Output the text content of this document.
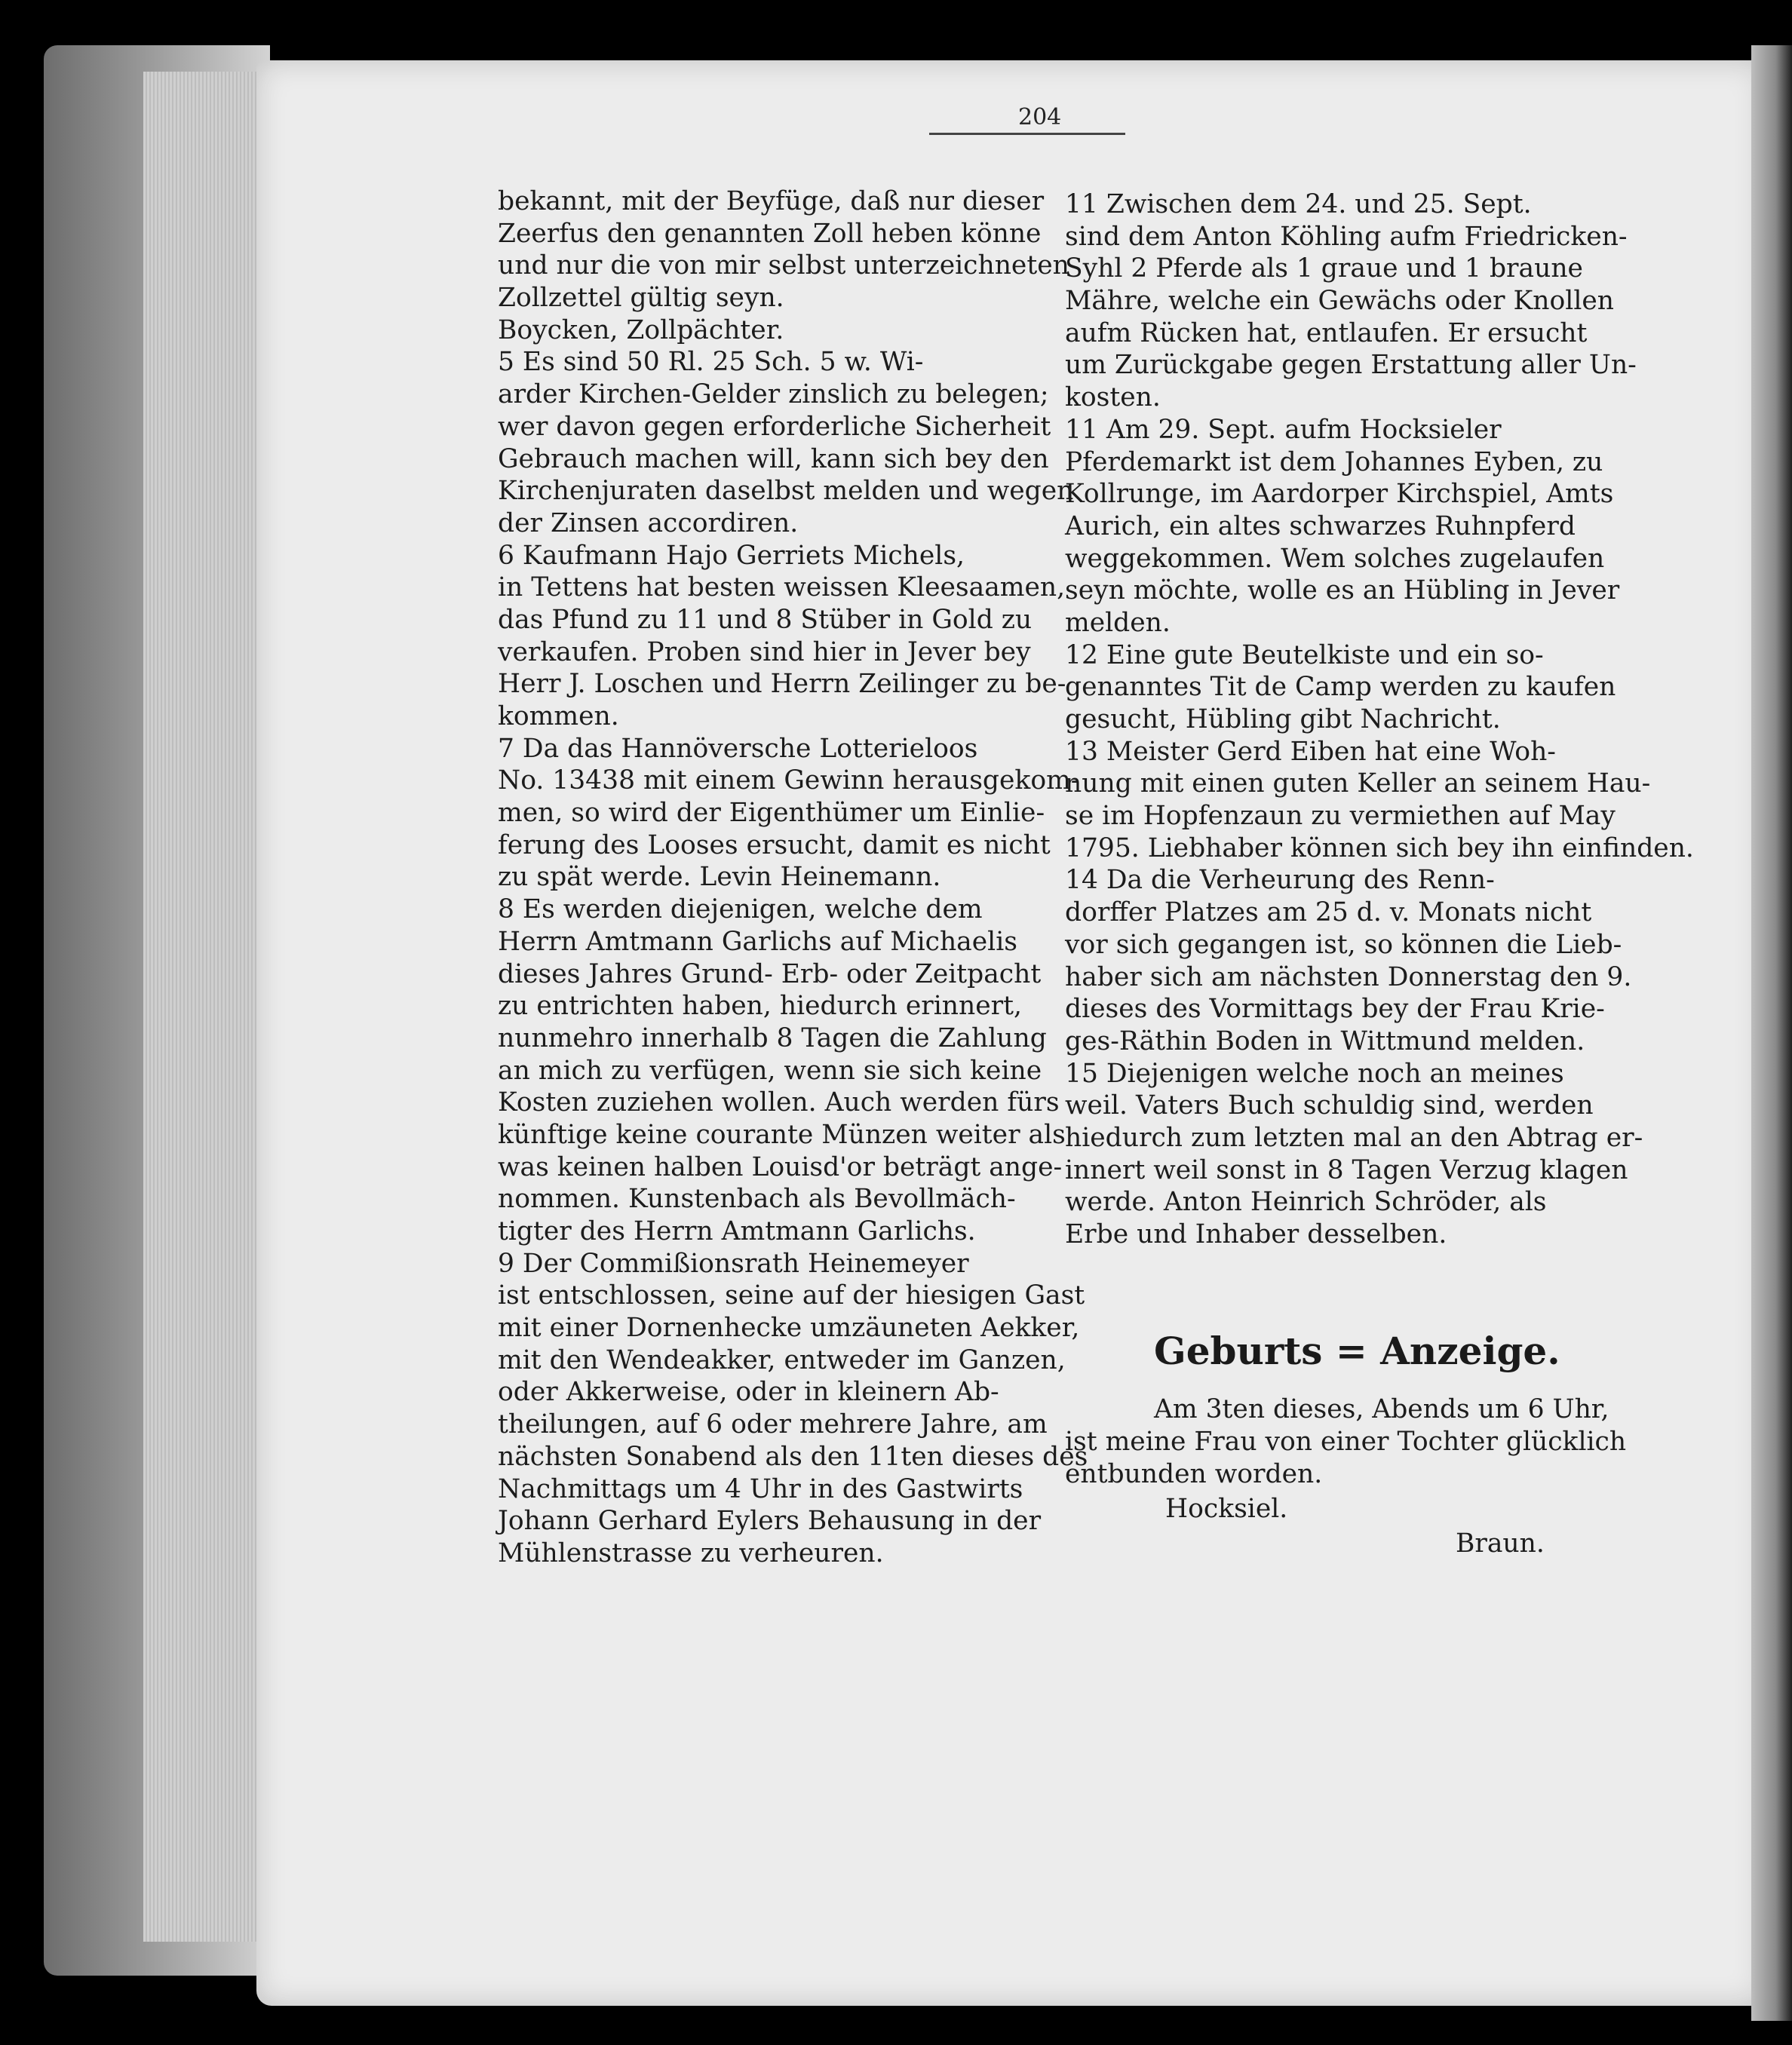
204
bekannt, mit der Beyfüge, daß nur dieser
Zeerfus den genannten Zoll heben könne
und nur die von mir selbst unterzeichneten
Zollzettel gültig seyn.
Boycken, Zollpächter.
5 Es sind 50 Rl. 25 Sch. 5 w. Wi-
arder Kirchen-Gelder zinslich zu belegen;
wer davon gegen erforderliche Sicherheit
Gebrauch machen will, kann sich bey den
Kirchenjuraten daselbst melden und wegen
der Zinsen accordiren.
6 Kaufmann Hajo Gerriets Michels,
in Tettens hat besten weissen Kleesaamen,
das Pfund zu 11 und 8 Stüber in Gold zu
verkaufen. Proben sind hier in Jever bey
Herr J. Loschen und Herrn Zeilinger zu be-
kommen.
7 Da das Hannöversche Lotterieloos
No. 13438 mit einem Gewinn herausgekom-
men, so wird der Eigenthümer um Einlie-
ferung des Looses ersucht, damit es nicht
zu spät werde. Levin Heinemann.
8 Es werden diejenigen, welche dem
Herrn Amtmann Garlichs auf Michaelis
dieses Jahres Grund- Erb- oder Zeitpacht
zu entrichten haben, hiedurch erinnert,
nunmehro innerhalb 8 Tagen die Zahlung
an mich zu verfügen, wenn sie sich keine
Kosten zuziehen wollen. Auch werden fürs
künftige keine courante Münzen weiter als
was keinen halben Louisd'or beträgt ange-
nommen. Kunstenbach als Bevollmäch-
tigter des Herrn Amtmann Garlichs.
9 Der Commißionsrath Heinemeyer
ist entschlossen, seine auf der hiesigen Gast
mit einer Dornenhecke umzäuneten Aekker,
mit den Wendeakker, entweder im Ganzen,
oder Akkerweise, oder in kleinern Ab-
theilungen, auf 6 oder mehrere Jahre, am
nächsten Sonabend als den 11ten dieses des
Nachmittags um 4 Uhr in des Gastwirts
Johann Gerhard Eylers Behausung in der
Mühlenstrasse zu verheuren.
11 Zwischen dem 24. und 25. Sept.
sind dem Anton Köhling aufm Friedricken-
Syhl 2 Pferde als 1 graue und 1 braune
Mähre, welche ein Gewächs oder Knollen
aufm Rücken hat, entlaufen. Er ersucht
um Zurückgabe gegen Erstattung aller Un-
kosten.
11 Am 29. Sept. aufm Hocksieler
Pferdemarkt ist dem Johannes Eyben, zu
Kollrunge, im Aardorper Kirchspiel, Amts
Aurich, ein altes schwarzes Ruhnpferd
weggekommen. Wem solches zugelaufen
seyn möchte, wolle es an Hübling in Jever
melden.
12 Eine gute Beutelkiste und ein so-
genanntes Tit de Camp werden zu kaufen
gesucht, Hübling gibt Nachricht.
13 Meister Gerd Eiben hat eine Woh-
nung mit einen guten Keller an seinem Hau-
se im Hopfenzaun zu vermiethen auf May
1795. Liebhaber können sich bey ihn einfinden.
14 Da die Verheurung des Renn-
dorffer Platzes am 25 d. v. Monats nicht
vor sich gegangen ist, so können die Lieb-
haber sich am nächsten Donnerstag den 9.
dieses des Vormittags bey der Frau Krie-
ges-Räthin Boden in Wittmund melden.
15 Diejenigen welche noch an meines
weil. Vaters Buch schuldig sind, werden
hiedurch zum letzten mal an den Abtrag er-
innert weil sonst in 8 Tagen Verzug klagen
werde. Anton Heinrich Schröder, als
Erbe und Inhaber desselben.
Geburts = Anzeige.
Am 3ten dieses, Abends um 6 Uhr,
ist meine Frau von einer Tochter glücklich
entbunden worden.
Hocksiel.
Braun.
